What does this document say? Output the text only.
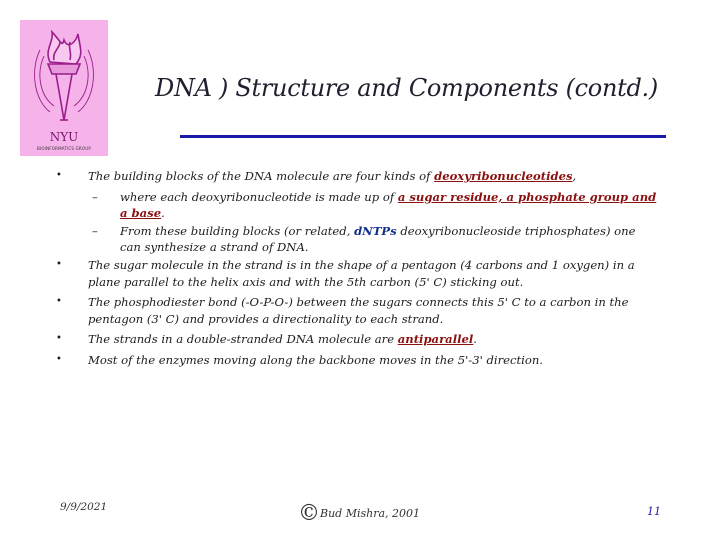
NYU
BIOINFORMATICS GROUP
DNA ) Structure and Components (contd.)
• The building blocks of the DNA molecule are four kinds of deoxyribonucleotides,
– where each deoxyribonucleotide is made up of a sugar residue, a phosphate group and a base.
– From these building blocks (or related, dNTPs deoxyribonucleoside triphosphates) one can synthesize a strand of DNA.
• The sugar molecule in the strand is in the shape of a pentagon (4 carbons and 1 oxygen) in a plane parallel to the helix axis and with the 5th carbon (5' C) sticking out.
• The phosphodiester bond (-O-P-O-) between the sugars connects this 5' C to a carbon in the pentagon (3' C) and provides a directionality to each strand.
• The strands in a double-stranded DNA molecule are antiparallel.
• Most of the enzymes moving along the backbone moves in the 5'-3' direction.
9/9/2021	©Bud Mishra, 2001	11
